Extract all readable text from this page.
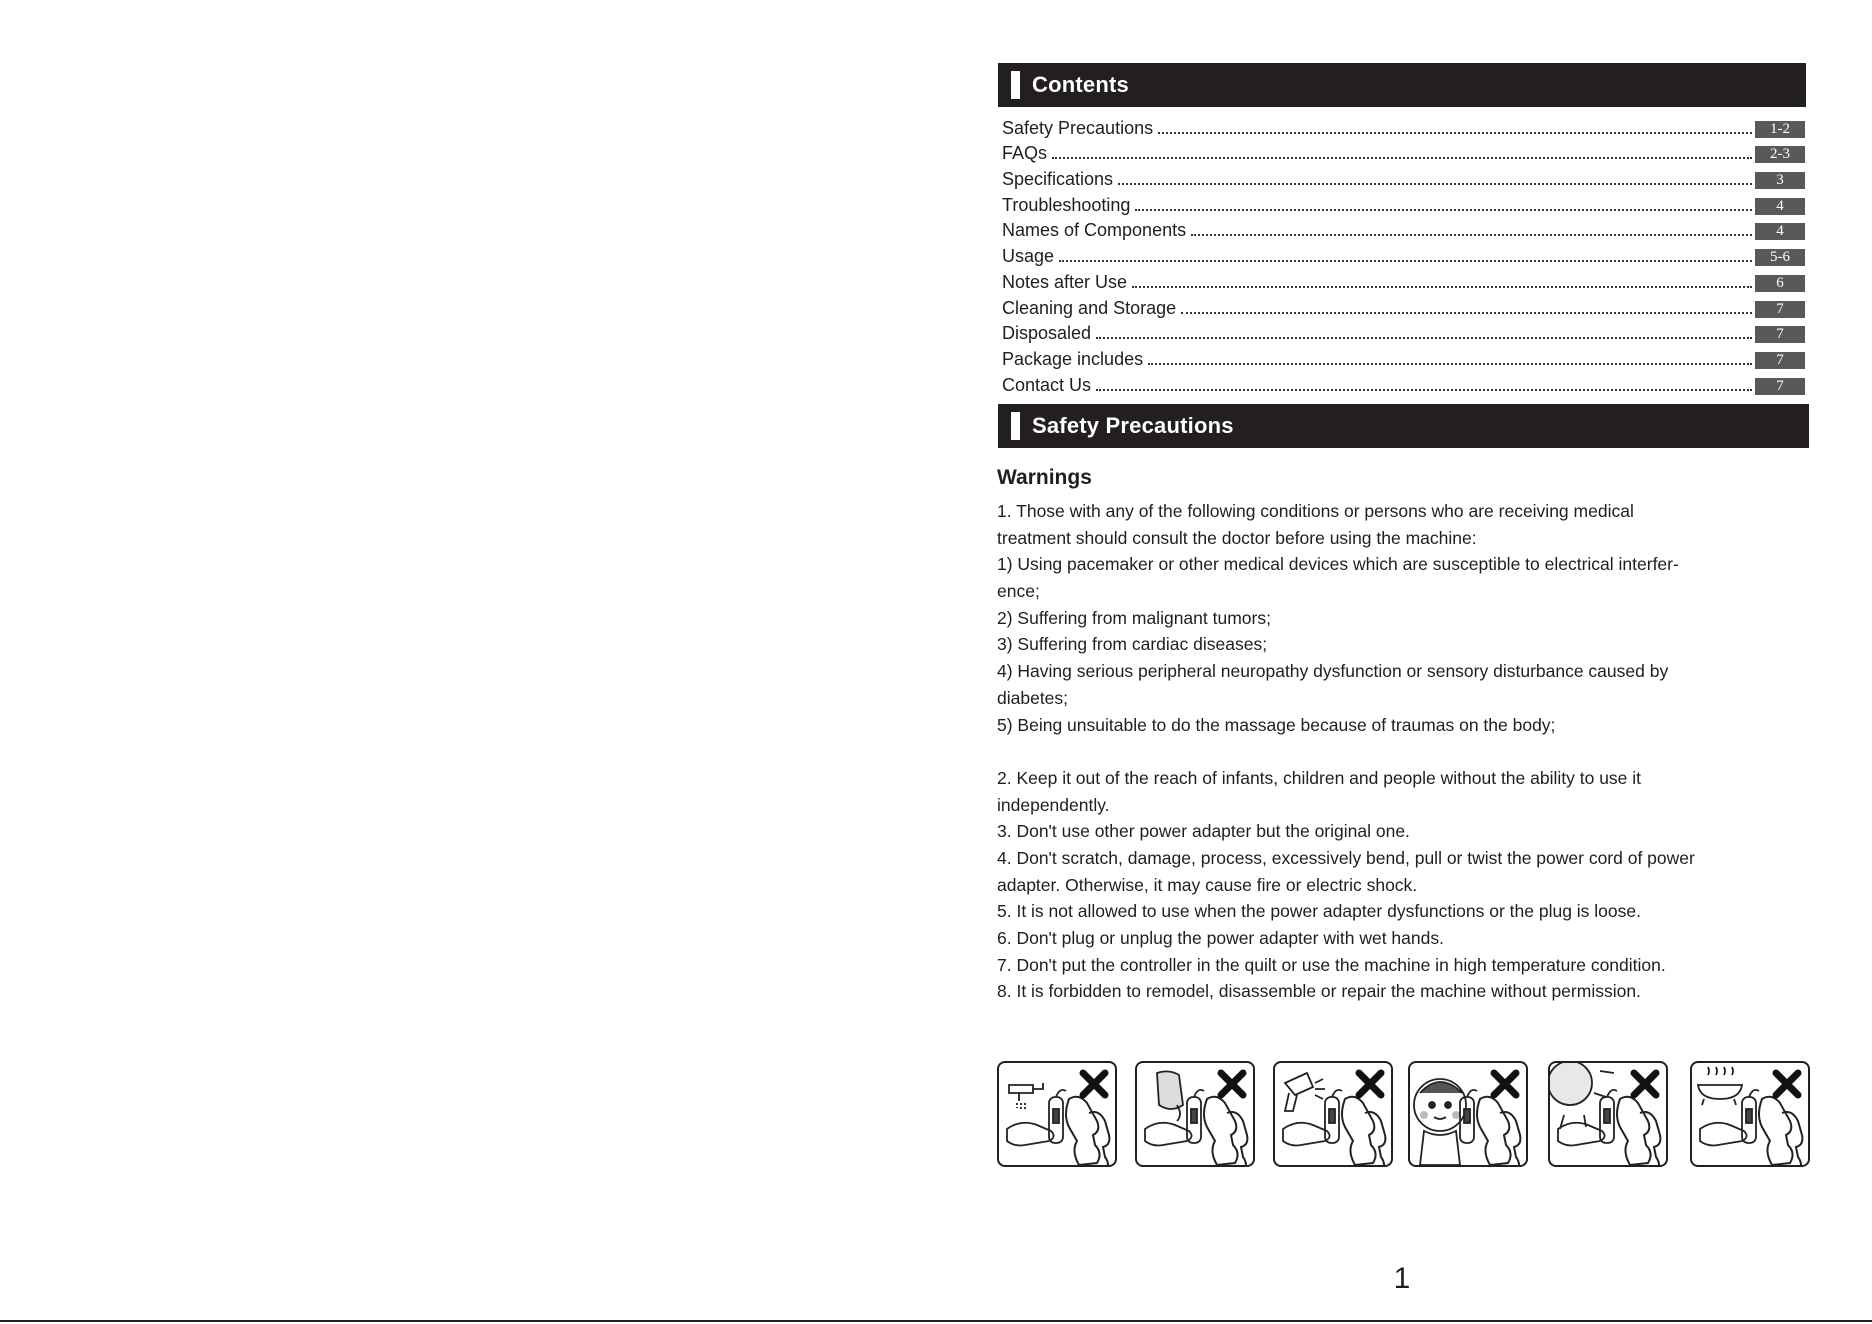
Contents
Safety Precautions	1-2
FAQs	2-3
Specifications	3
Troubleshooting	4
Names of Components	4
Usage	5-6
Notes after Use	6
Cleaning and Storage	7
Disposaled	7
Package includes	7
Contact Us	7
Safety Precautions
Warnings
1. Those with any of the following conditions or persons who are receiving medical
treatment should consult the doctor before using the machine:
1) Using pacemaker or other medical devices which are susceptible to electrical interfer-
ence;
2) Suffering from malignant tumors;
3) Suffering from cardiac diseases;
4) Having serious peripheral neuropathy dysfunction or sensory disturbance caused by
diabetes;
5) Being unsuitable to do the massage because of traumas on the body;
2. Keep it out of the reach of infants, children and people without the ability to use it
independently.
3. Don't use other power adapter but the original one.
4. Don't scratch, damage, process, excessively bend, pull or twist the power cord of power
adapter. Otherwise, it may cause fire or electric shock.
5. It is not allowed to use when the power adapter dysfunctions or the plug is loose.
6. Don't plug or unplug the power adapter with wet hands.
7. Don't put the controller in the quilt or use the machine in high temperature condition.
8. It is forbidden to remodel, disassemble or repair the machine without permission.
1
